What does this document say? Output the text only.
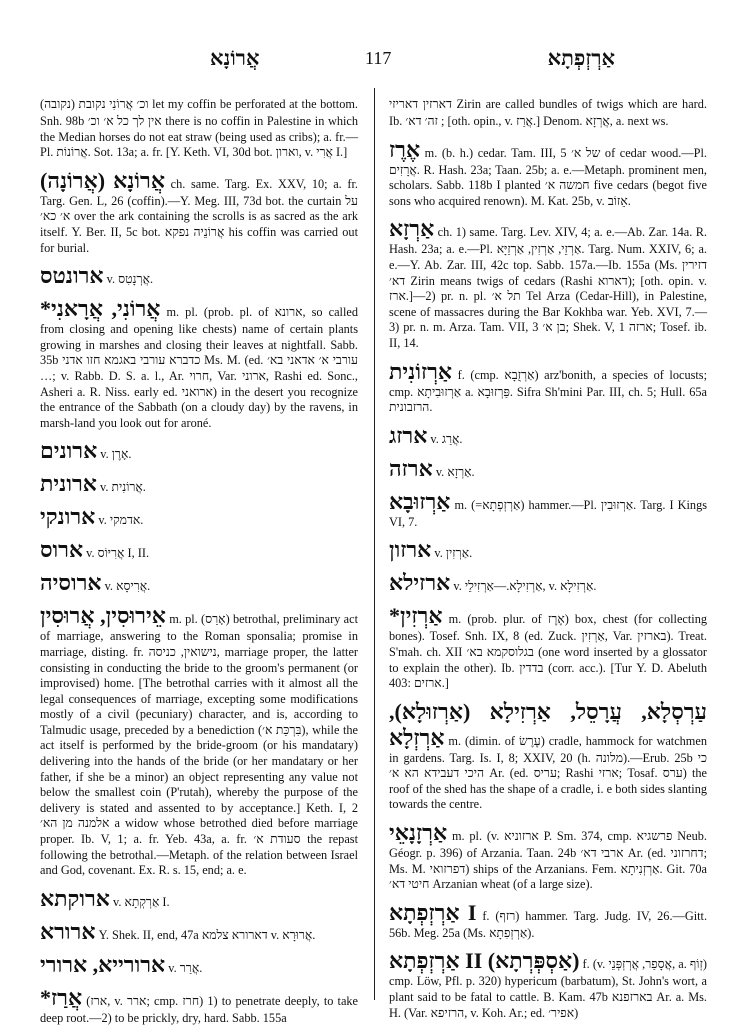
אֲרוֹנָא	117	אַרְזְפְתָא

(נקובה) וכ׳ אֲרוֹנִי נקובת let my coffin be perforated at the bottom. Snh. 98b אין לך כל א׳ וכ׳ there is no coffin in Palestine in which the Median horses do not eat straw (being used as cribs); a. fr.—Pl. אֲרוֹנוֹת. Sot. 13a; a. fr. [Y. Keth. VI, 30d bot. וארון, v. אֲרִי I.]

אֲרוֹנָא (אֲרוֹנָה) ch. same. Targ. Ex. XXV, 10; a. fr. Targ. Gen. L, 26 (coffin).—Y. Meg. III, 73d bot. the curtain על א׳ כא׳ over the ark containing the scrolls is as sacred as the ark itself. Y. Ber. II, 5c bot. אֲרוֹנֵיה נפקא his coffin was carried out for burial.

ארונטס v. אֲרְנָטִס.

*אֲרוֹנִי, אֲרָאנִי m. pl. (prob. pl. of ארונא, so called from closing and opening like chests) name of certain plants growing in marshes and closing their leaves at nightfall. Sabb. 35b כדברא עורבי באגמא חזו אדני Ms. M. (ed. עורבי א׳ אדאני בא׳ …; v. Rabb. D. S. a. l., Ar. חרוי, Var. ארוני, Rashi ed. Sonc., Asheri a. R. Niss. early ed. ארואני) in the desert you recognize the entrance of the Sabbath (on a cloudy day) by the ravens, in marsh-land you look out for aroné.

ארונים v. אָרֶן.

ארונית v. אֲרוֹנִית.

ארונקי v. אדמקי.

ארוס v. אֲרִיּוֹס I, II.

ארוסיה v. אֲרִיסָא.

אֵירוּסִין, אֲרוּסִין m. pl. (אָרַס) betrothal, preliminary act of marriage, answering to the Roman sponsalia; promise in marriage, disting. fr. נישואין, כניסה, marriage proper, the latter consisting in conducting the bride to the groom's permanent (or improvised) home. [The betrothal carries with it almost all the legal consequences of marriage, excepting some modifications mostly of a civil (pecuniary) character, and is, according to Talmudic usage, preceded by a benediction (בִּרְכַּת א׳), while the act itself is performed by the bride-groom (or his mandatary) delivering into the hands of the bride (or her mandatary or her father, if she be a minor) an object representing any value not below the smallest coin (P'rutah), whereby the purpose of the delivery is stated and assented to by acceptance.] Keth. I, 2 אלמנה מן הא׳ a widow whose betrothed died before marriage proper. Ib. V, 1; a. fr. Yeb. 43a, a. fr. סעודת א׳ the repast following the betrothal.—Metaph. of the relation between Israel and God, covenant. Ex. R. s. 15, end; a. e.

ארוקתא v. אַרְקְתָא I.

ארורא Y. Shek. II, end, 47a דארורא צלמא v. אֲרוּרָא.

ארורייא, ארורי v. אֲרַר.

*אֲרַז (ארז, v. ארר; cmp. חרז) 1) to penetrate deeply, to take deep root.—2) to be prickly, dry, hard. Sabb. 155a

דארזין דאריזי Zirin are called bundles of twigs which are hard. Ib. זה׳ דא׳ ; [oth. opin., v. אֲרַז.] Denom. אֲרְזָא, a. next ws.

אֶרֶז m. (b. h.) cedar. Tam. III, 5 של א׳ of cedar wood.—Pl. אֲרָזִים. R. Hash. 23a; Taan. 25b; a. e.—Metaph. prominent men, scholars. Sabb. 118b I planted חמשה א׳ five cedars (begot five sons who acquired renown). M. Kat. 25b, v. אֵזוֹב.

אַרְזָא ch. 1) same. Targ. Lev. XIV, 4; a. e.—Ab. Zar. 14a. R. Hash. 23a; a. e.—Pl. אַרְזֵי, אַרְזִין, אַרְזַיָּא. Targ. Num. XXIV, 6; a. e.—Y. Ab. Zar. III, 42c top. Sabb. 157a.—Ib. 155a (Ms. דזירין דא׳ Zirin means twigs of cedars (Rashi דארוא); [oth. opin. v. ארז.]—2) pr. n. pl. תל א׳ Tel Arza (Cedar-Hill), in Palestine, scene of massacres during the Bar Kokhba war. Yeb. XVI, 7.—3) pr. n. m. Arza. Tam. VII, 3 בן א׳; Shek. V, 1 ארזה; Tosef. ib. II, 14.

אַרְזוֹנִית f. (cmp. אַרְזֻבָא) arz'bonith, a species of locusts; cmp. אַרְזוּבִיתָא a. פַּרְזוּבָא. Sifra Sh'mini Par. III, ch. 5; Hull. 65a הרזבונית.

ארזג v. אֲרַג.

ארזה v. אַרְזָא.

אַרְזוּבָא m. (=אַרְזְפְתָא) hammer.—Pl. אַרְזוּבִין. Targ. I Kings VI, 7.

ארזון v. אַרְזִין.

ארזילא v. אַרְזִילָא.—אַרְזִילֵי, v. אַרְזִילָא.

*אַרְזִין m. (prob. plur. of אֶרֶז) box, chest (for collecting bones). Tosef. Snh. IX, 8 (ed. Zuck. אַרְזִין, Var. בארזין). Treat. S'mah. ch. XII בגלוסקמא בא׳ (one word inserted by a glossator to explain the other). Ib. בדדין (corr. acc.). [Tur Y. D. Abeluth 403: ארזים.]

עַרְסְלָא, עֲרָסֵל, אַרְזִילָא (אַרְזוּלָא), אַרְזְלָא m. (dimin. of עֶרֶשׂ) cradle, hammock for watchmen in gardens. Targ. Is. I, 8; XXIV, 20 (h. מלונה).—Erub. 25b כי היכי דעבידא הא א׳ Ar. (ed. עריס; Rashi ארזי; Tosaf. ערס) the roof of the shed has the shape of a cradle, i. e both sides slanting towards the centre.

אַרְזָנָאֵי m. pl. (v. ארזוניא P. Sm. 374, cmp. פרשגיא Neub. Géogr. p. 396) of Arzania. Taan. 24b ארבי דא׳ Ar. (ed. דחרזוני; Ms. M. דפרזואי) ships of the Arzanians. Fem. אַרְזְנִיתָא. Git. 70a חיטי דא׳ Arzanian wheat (of a large size).

אַרְזְפְתָא I f. (רזף) hammer. Targ. Judg. IV, 26.—Gitt. 56b. Meg. 25a (Ms. אַרְזְפִתָא).

אַרְזְפְתָא II (אַסְפְּרְתָא) f. (v. אֲסָפַר, אֲרְזְפְּנֵי, a. זְוֹף) cmp. Löw, Pfl. p. 320) hypericum (barbatum), St. John's wort, a plant said to be fatal to cattle. B. Kam. 47b בארזפנא Ar. a. Ms. H. (Var. הרזיפא, v. Koh. Ar.; ed. אפיר׳)
